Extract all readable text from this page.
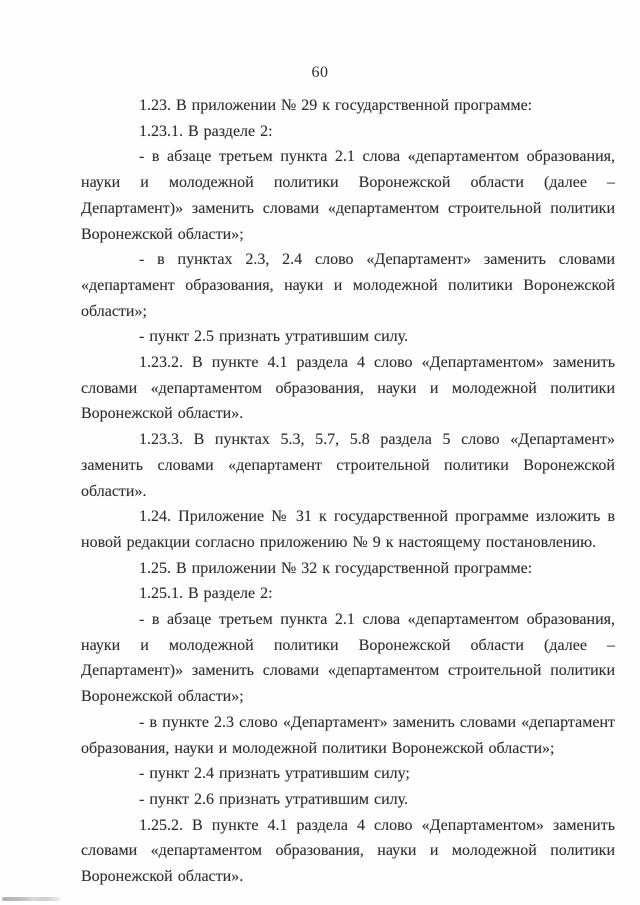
60

1.23. В приложении № 29 к государственной программе:

1.23.1. В разделе 2:

- в абзаце третьем пункта 2.1 слова «департаментом образования, науки и молодежной политики Воронежской области (далее – Департамент)» заменить словами «департаментом строительной политики Воронежской области»;

- в пунктах 2.3, 2.4 слово «Департамент» заменить словами «департамент образования, науки и молодежной политики Воронежской области»;

- пункт 2.5 признать утратившим силу.

1.23.2. В пункте 4.1 раздела 4 слово «Департаментом» заменить словами «департаментом образования, науки и молодежной политики Воронежской области».

1.23.3. В пунктах 5.3, 5.7, 5.8 раздела 5 слово «Департамент» заменить словами «департамент строительной политики Воронежской области».

1.24. Приложение № 31 к государственной программе изложить в новой редакции согласно приложению № 9 к настоящему постановлению.

1.25. В приложении № 32 к государственной программе:

1.25.1. В разделе 2:

- в абзаце третьем пункта 2.1 слова «департаментом образования, науки и молодежной политики Воронежской области (далее – Департамент)» заменить словами «департаментом строительной политики Воронежской области»;

- в пункте 2.3 слово «Департамент» заменить словами «департамент образования, науки и молодежной политики Воронежской области»;

- пункт 2.4 признать утратившим силу;

- пункт 2.6 признать утратившим силу.

1.25.2. В пункте 4.1 раздела 4 слово «Департаментом» заменить словами «департаментом образования, науки и молодежной политики Воронежской области».
